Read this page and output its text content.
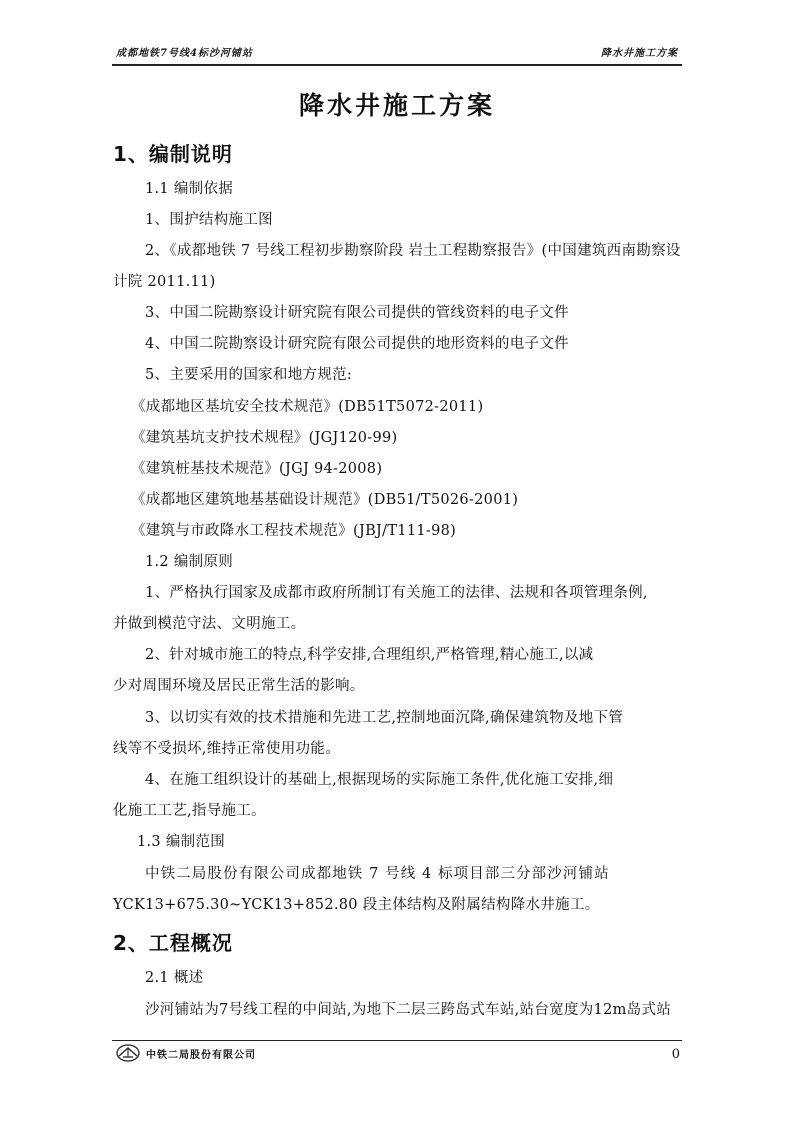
成都地铁7号线4标沙河铺站	降水井施工方案
降水井施工方案
1、编制说明
1.1 编制依据
1、围护结构施工图
2、《成都地铁 7 号线工程初步勘察阶段 岩土工程勘察报告》(中国建筑西南勘察设
计院 2011.11)
3、中国二院勘察设计研究院有限公司提供的管线资料的电子文件
4、中国二院勘察设计研究院有限公司提供的地形资料的电子文件
5、主要采用的国家和地方规范:
《成都地区基坑安全技术规范》(DB51T5072-2011)
《建筑基坑支护技术规程》(JGJ120-99)
《建筑桩基技术规范》(JGJ 94-2008)
《成都地区建筑地基基础设计规范》(DB51/T5026-2001)
《建筑与市政降水工程技术规范》(JBJ/T111-98)
1.2 编制原则
1、严格执行国家及成都市政府所制订有关施工的法律、法规和各项管理条例,
并做到模范守法、文明施工。
2、针对城市施工的特点,科学安排,合理组织,严格管理,精心施工,以减
少对周围环境及居民正常生活的影响。
3、以切实有效的技术措施和先进工艺,控制地面沉降,确保建筑物及地下管
线等不受损坏,维持正常使用功能。
4、在施工组织设计的基础上,根据现场的实际施工条件,优化施工安排,细
化施工工艺,指导施工。
1.3 编制范围
中铁二局股份有限公司成都地铁 7 号线 4 标项目部三分部沙河铺站
YCK13+675.30~YCK13+852.80 段主体结构及附属结构降水井施工。
2、工程概况
2.1 概述
沙河铺站为7号线工程的中间站,为地下二层三跨岛式车站,站台宽度为12m岛式站
中铁二局股份有限公司	0
